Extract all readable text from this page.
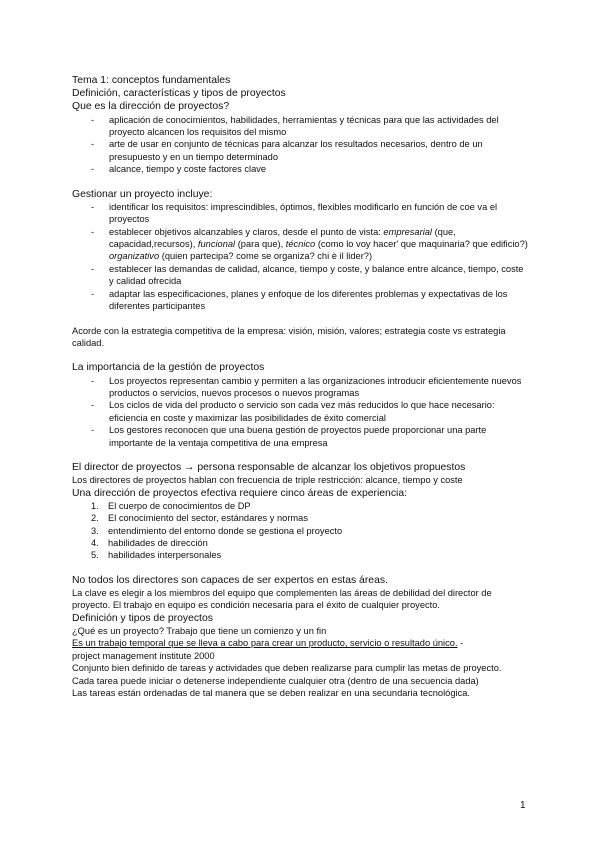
Tema 1: conceptos fundamentales

Definición, características y tipos de proyectos

Que es la dirección de proyectos?

- aplicación de conocimientos, habilidades, herramientas y técnicas para que las actividades del proyecto alcancen los requisitos del mismo
- arte de usar en conjunto de técnicas para alcanzar los resultados necesarios, dentro de un presupuesto y en un tiempo determinado
- alcance, tiempo y coste factores clave

Gestionar un proyecto incluye:

- identificar los requisitos: imprescindibles, óptimos, flexibles modificarlo en función de coe va el proyectos
- establecer objetivos alcanzables y claros, desde el punto de vista: empresarial (que, capacidad,recursos), funcional (para que), técnico (como lo voy hacer' que maquinaria? que edificio?) organizativo (quien partecipa? come se organiza? chi è il lider?)
- establecer las demandas de calidad, alcance, tiempo y coste, y balance entre alcance, tiempo, coste y calidad ofrecida
- adaptar las especificaciones, planes y enfoque de los diferentes problemas y expectativas de los diferentes participantes

Acorde con la estrategia competitiva de la empresa: visión, misión, valores; estrategia coste vs estrategia calidad.

La importancia de la gestión de proyectos

- Los proyectos representan cambio y permiten a las organizaciones introducir eficientemente nuevos productos o servicios, nuevos procesos o nuevos programas
- Los ciclos de vida del producto o servicio son cada vez más reducidos lo que hace necesario: eficiencia en coste y maximizar las posibilidades de éxito comercial
- Los gestores reconocen que una buena gestión de proyectos puede proporcionar una parte importante de la ventaja competitiva de una empresa

El director de proyectos → persona responsable de alcanzar los objetivos propuestos

Los directores de proyectos hablan con frecuencia de triple restricción: alcance, tiempo y coste

Una dirección de proyectos efectiva requiere cinco áreas de experiencia:

1. El cuerpo de conocimientos de DP
2. El conocimiento del sector, estándares y normas
3. entendimiento del entorno donde se gestiona el proyecto
4. habilidades de dirección
5. habilidades interpersonales

No todos los directores son capaces de ser expertos en estas áreas.

La clave es elegir a los miembros del equipo que complementen las áreas de debilidad del director de proyecto. El trabajo en equipo es condición necesaria para el éxito de cualquier proyecto.

Definición y tipos de proyectos

¿Qué es un proyecto? Trabajo que tiene un comienzo y un fin

Es un trabajo temporal que se lleva a cabo para crear un producto, servicio o resultado único. -

project management institute 2000

Conjunto bien definido de tareas y actividades que deben realizarse para cumplir las metas de proyecto.

Cada tarea puede iniciar o detenerse independiente cualquier otra (dentro de una secuencia dada)

Las tareas están ordenadas de tal manera que se deben realizar en una secundaria tecnológica.

1
